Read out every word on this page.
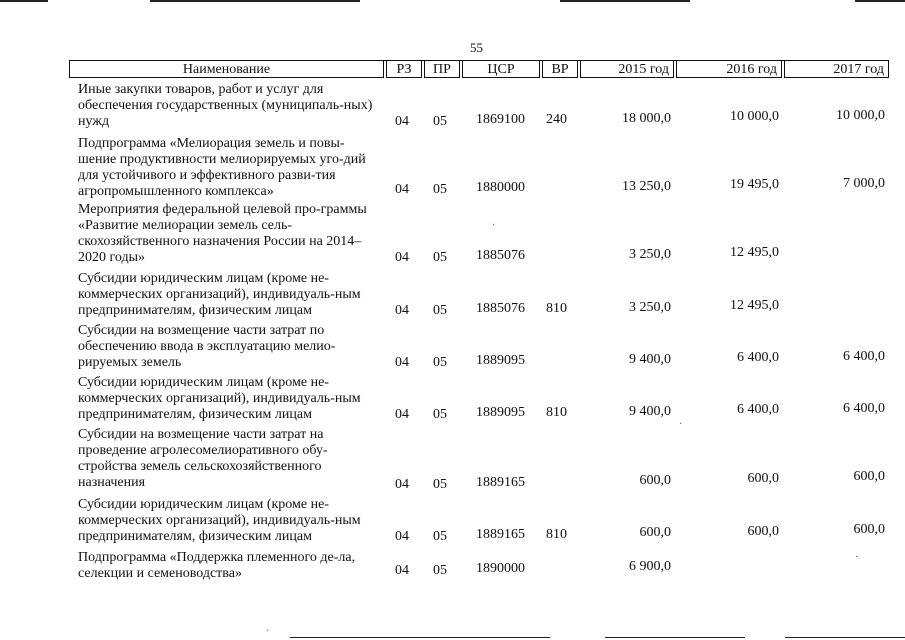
55
Наименование	РЗ	ПР	ЦСР	ВР	2015 год	2016 год	2017 год
Иные закупки товаров, работ и услуг для обеспечения государственных (муниципаль-ных) нужд	04 05 1869100 240	18 000,0	10 000,0	10 000,0
Подпрограмма «Мелиорация земель и повы-шение продуктивности мелиорируемых уго-дий для устойчивого и эффективного разви-тия агропромышленного комплекса»	04 05 1880000	13 250,0	19 495,0	7 000,0
Мероприятия федеральной целевой про-граммы «Развитие мелиорации земель сель-скохозяйственного назначения России на 2014–2020 годы»	04 05 1885076	3 250,0	12 495,0
·
Субсидии юридическим лицам (кроме не-коммерческих организаций), индивидуаль-ным предпринимателям, физическим лицам	04 05 1885076 810	3 250,0	12 495,0
Субсидии на возмещение части затрат по обеспечению ввода в эксплуатацию мелио-рируемых земель	04 05 1889095	9 400,0	6 400,0	6 400,0
Субсидии юридическим лицам (кроме не-коммерческих организаций), индивидуаль-ным предпринимателям, физическим лицам	04 05 1889095 810	9 400,0	6 400,0	6 400,0
·
Субсидии на возмещение части затрат на проведение агролесомелиоративного обу-стройства земель сельскохозяйственного назначения	04 05 1889165	600,0	600,0	600,0
Субсидии юридическим лицам (кроме не-коммерческих организаций), индивидуаль-ным предпринимателям, физическим лицам	04 05 1889165 810	600,0	600,0	600,0
Подпрограмма «Поддержка племенного де-ла, селекции и семеноводства»	04 05 1890000	6 900,0
·
·
